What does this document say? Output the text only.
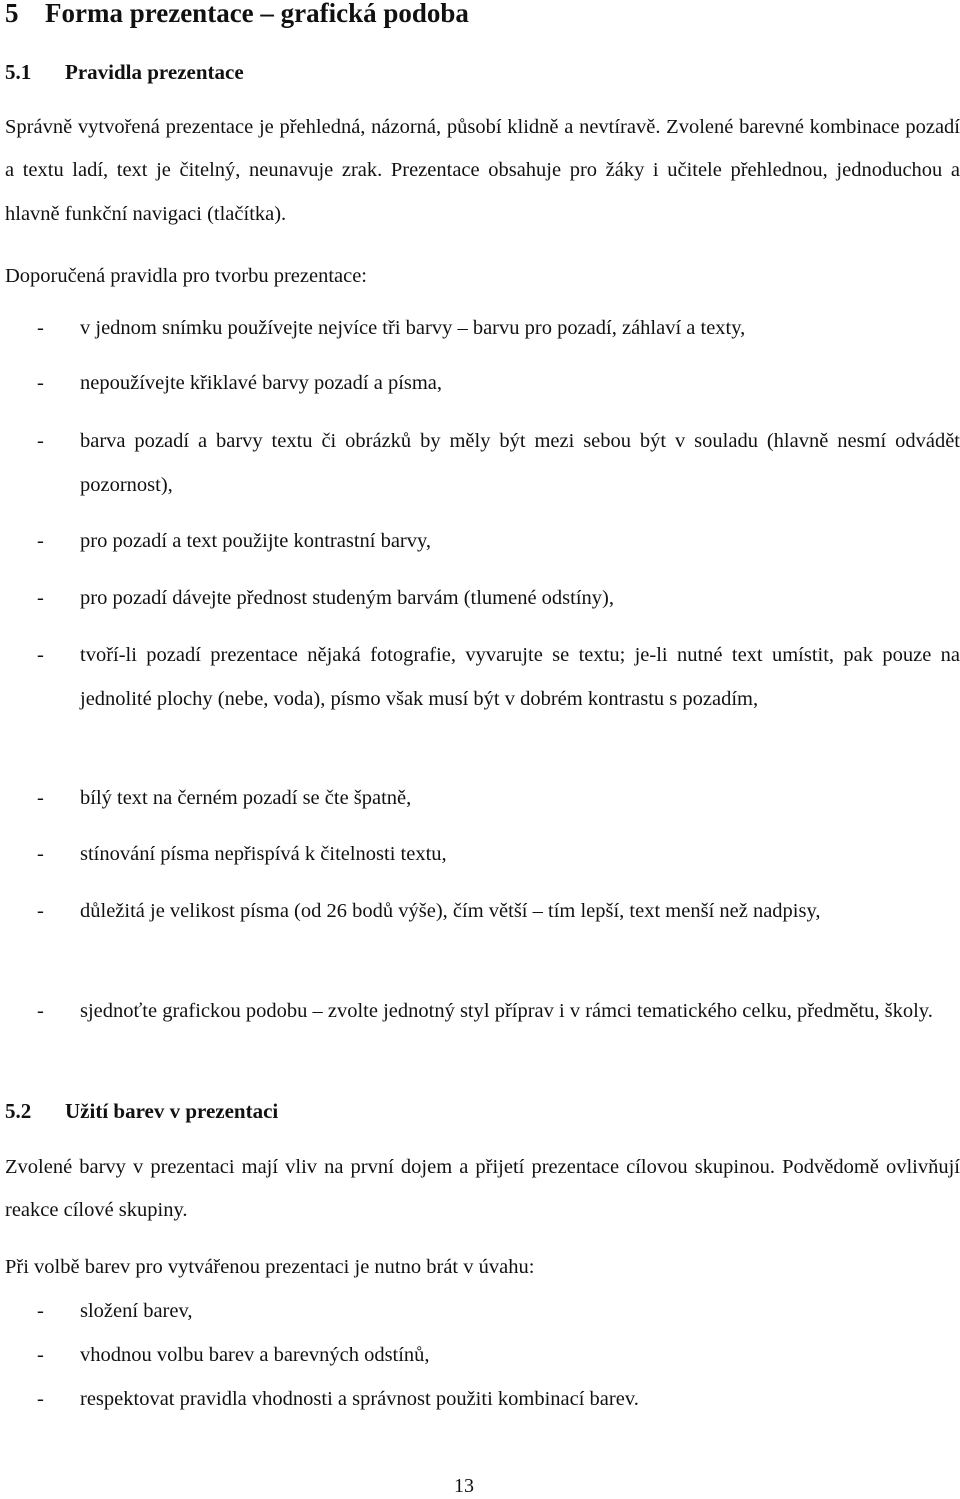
5 Forma prezentace – grafická podoba
5.1 Pravidla prezentace
Správně vytvořená prezentace je přehledná, názorná, působí klidně a nevtíravě. Zvolené barevné kombinace pozadí a textu ladí, text je čitelný, neunavuje zrak. Prezentace obsahuje pro žáky i učitele přehlednou, jednoduchou a hlavně funkční navigaci (tlačítka).
Doporučená pravidla pro tvorbu prezentace:
- v jednom snímku používejte nejvíce tři barvy – barvu pro pozadí, záhlaví a texty,
- nepoužívejte křiklavé barvy pozadí a písma,
- barva pozadí a barvy textu či obrázků by měly být mezi sebou být v souladu (hlavně nesmí odvádět pozornost),
- pro pozadí a text použijte kontrastní barvy,
- pro pozadí dávejte přednost studeným barvám (tlumené odstíny),
- tvoří-li pozadí prezentace nějaká fotografie, vyvarujte se textu; je-li nutné text umístit, pak pouze na jednolité plochy (nebe, voda), písmo však musí být v dobrém kontrastu s pozadím,
- bílý text na černém pozadí se čte špatně,
- stínování písma nepřispívá k čitelnosti textu,
- důležitá je velikost písma (od 26 bodů výše), čím větší – tím lepší, text menší než nadpisy,
- sjednoťte grafickou podobu – zvolte jednotný styl příprav i v rámci tematického celku, předmětu, školy.
5.2 Užití barev v prezentaci
Zvolené barvy v prezentaci mají vliv na první dojem a přijetí prezentace cílovou skupinou. Podvědomě ovlivňují reakce cílové skupiny.
Při volbě barev pro vytvářenou prezentaci je nutno brát v úvahu:
- složení barev,
- vhodnou volbu barev a barevných odstínů,
- respektovat pravidla vhodnosti a správnost použiti kombinací barev.
13
